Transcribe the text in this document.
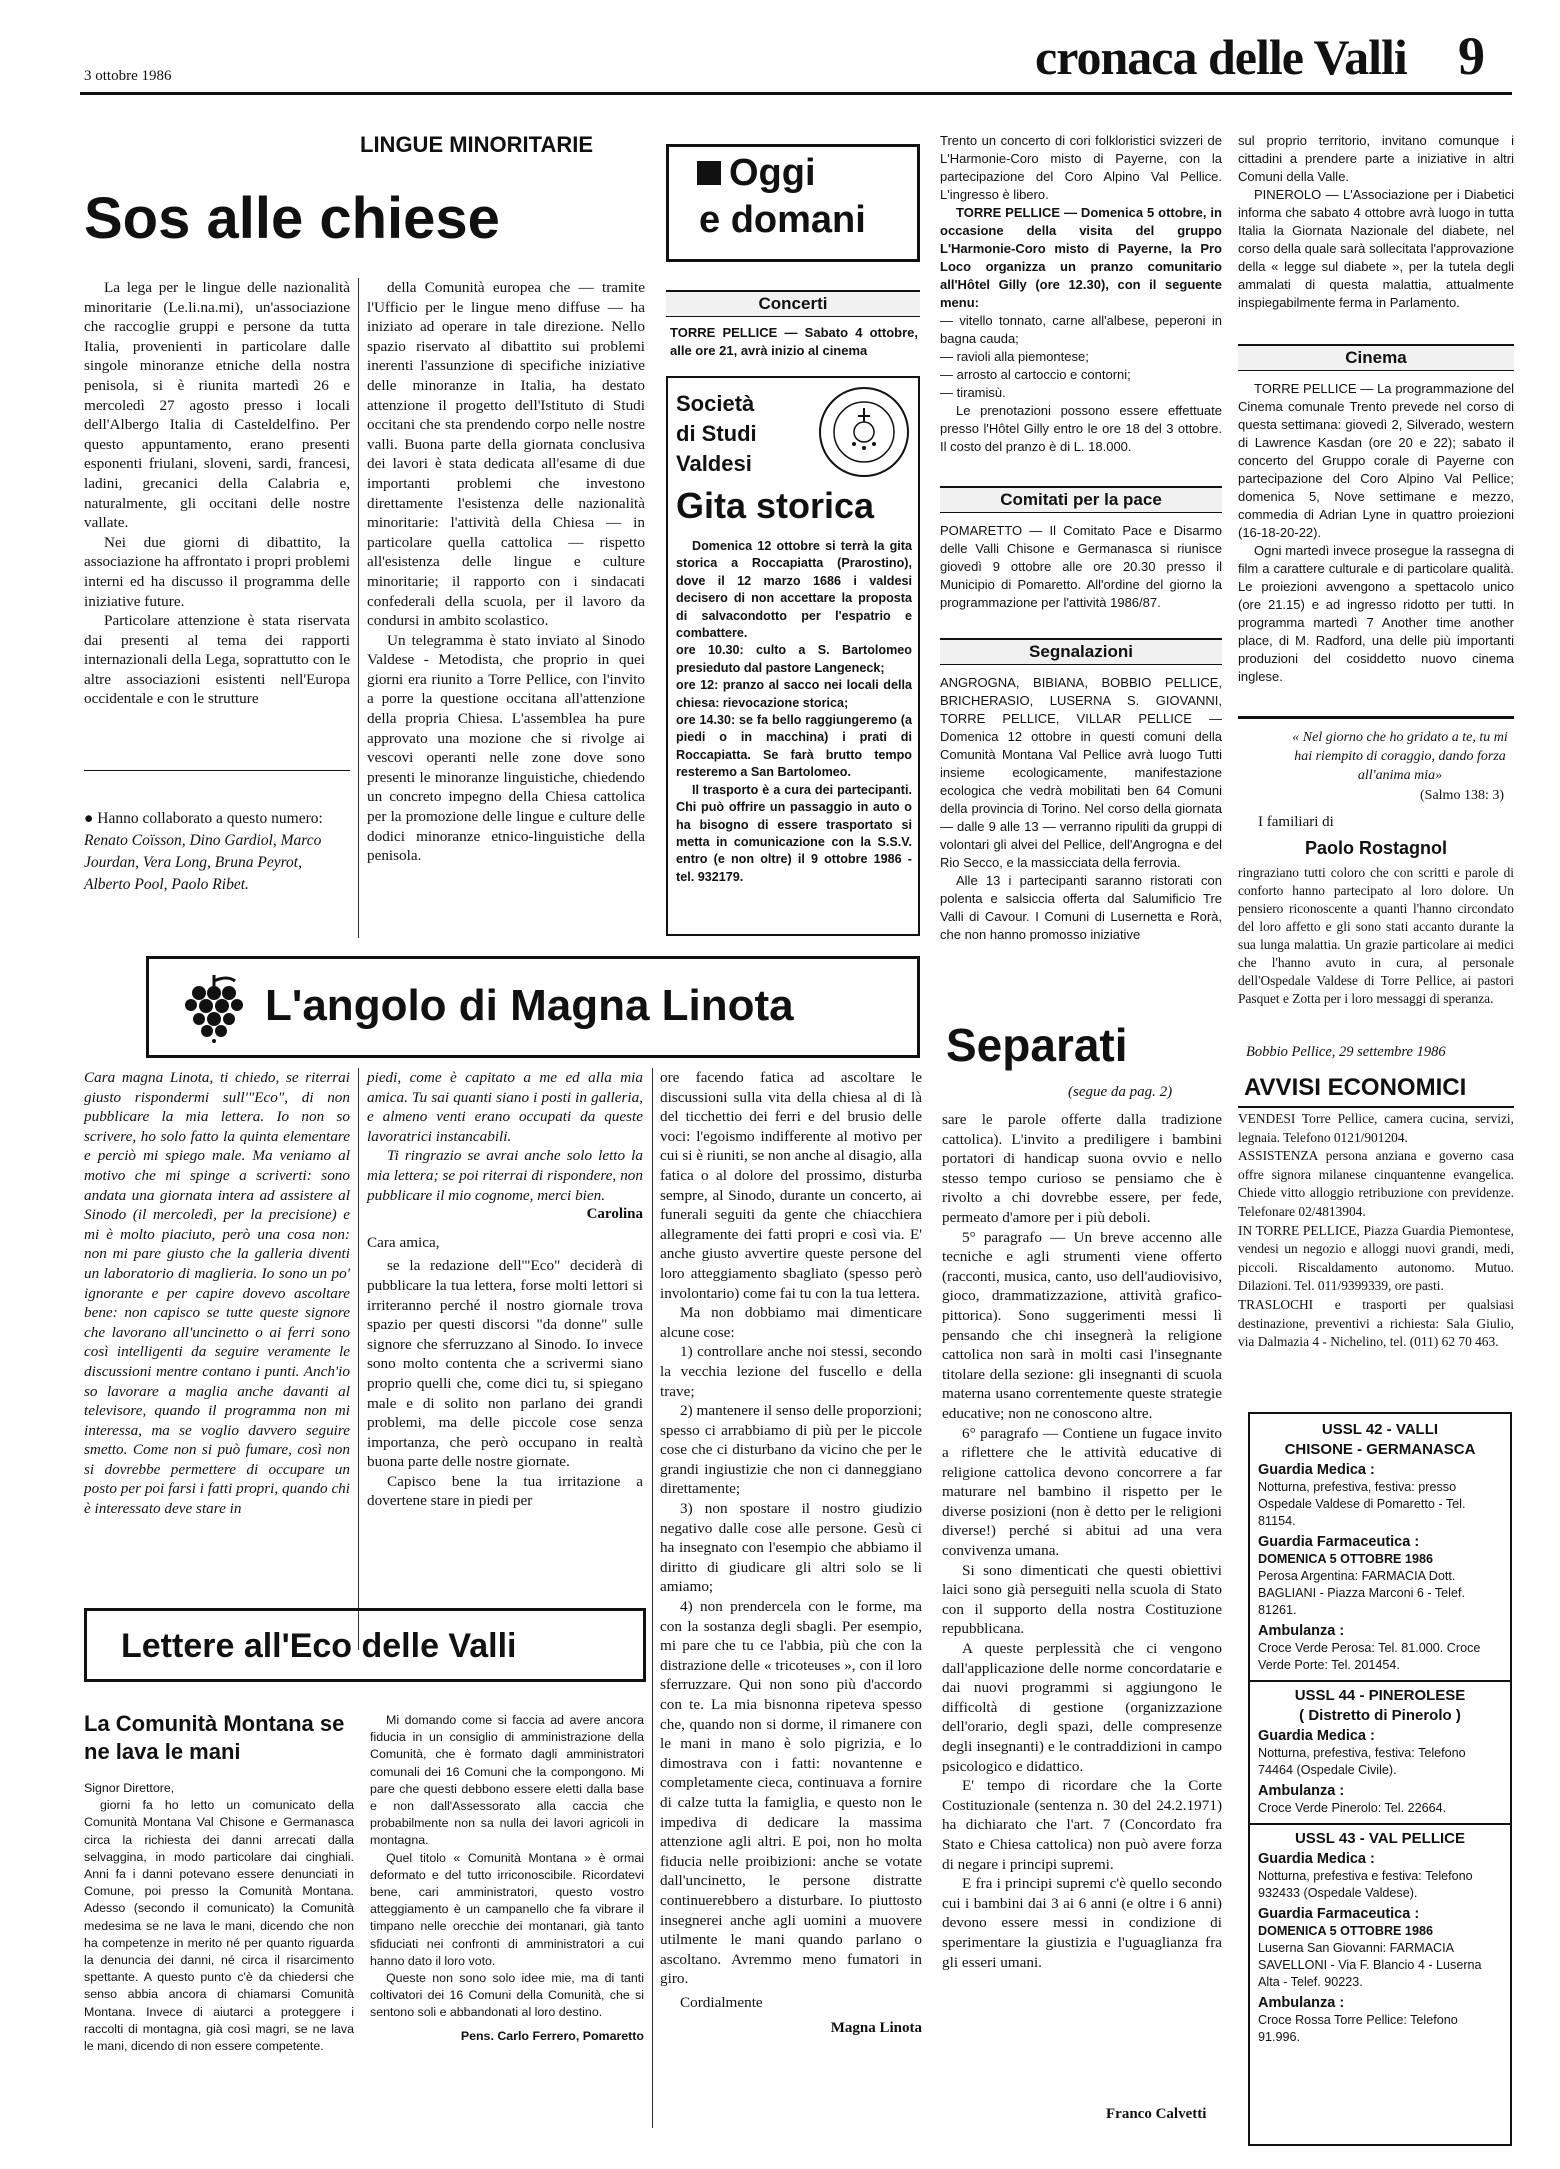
3 ottobre 1986	cronaca delle Valli 9
LINGUE MINORITARIE
Sos alle chiese

La lega per le lingue delle nazionalità minoritarie (Le.li.na.mi), un'associazione che raccoglie gruppi e persone da tutta Italia, provenienti in particolare dalle singole minoranze etniche della nostra penisola, si è riunita martedì 26 e mercoledì 27 agosto presso i locali dell'Albergo Italia di Casteldelfino. Per questo appuntamento, erano presenti esponenti friulani, sloveni, sardi, francesi, ladini, grecanici della Calabria e, naturalmente, gli occitani delle nostre vallate.

Nei due giorni di dibattito, la associazione ha affrontato i propri problemi interni ed ha discusso il programma delle iniziative future.

Particolare attenzione è stata riservata dai presenti al tema dei rapporti internazionali della Lega, soprattutto con le altre associazioni esistenti nell'Europa occidentale e con le strutture

della Comunità europea che — tramite l'Ufficio per le lingue meno diffuse — ha iniziato ad operare in tale direzione. Nello spazio riservato al dibattito sui problemi inerenti l'assunzione di specifiche iniziative delle minoranze in Italia, ha destato attenzione il progetto dell'Istituto di Studi occitani che sta prendendo corpo nelle nostre valli. Buona parte della giornata conclusiva dei lavori è stata dedicata all'esame di due importanti problemi che investono direttamente l'esistenza delle nazionalità minoritarie: l'attività della Chiesa — in particolare quella cattolica — rispetto all'esistenza delle lingue e culture minoritarie; il rapporto con i sindacati confederali della scuola, per il lavoro da condursi in ambito scolastico.

Un telegramma è stato inviato al Sinodo Valdese - Metodista, che proprio in quei giorni era riunito a Torre Pellice, con l'invito a porre la questione occitana all'attenzione della propria Chiesa. L'assemblea ha pure approvato una mozione che si rivolge ai vescovi operanti nelle zone dove sono presenti le minoranze linguistiche, chiedendo un concreto impegno della Chiesa cattolica per la promozione delle lingue e culture delle dodici minoranze etnico-linguistiche della penisola.

● Hanno collaborato a questo numero: Renato Coïsson, Dino Gardiol, Marco Jourdan, Vera Long, Bruna Peyrot, Alberto Pool, Paolo Ribet.
Oggi
e domani
Concerti
TORRE PELLICE — Sabato 4 ottobre, alle ore 21, avrà inizio al cinema
Società
di Studi
Valdesi
Gita storica

Domenica 12 ottobre si terrà la gita storica a Roccapiatta (Prarostino), dove il 12 marzo 1686 i valdesi decisero di non accettare la proposta di salvacondotto per l'espatrio e combattere.

ore 10.30: culto a S. Bartolomeo presieduto dal pastore Langeneck;

ore 12: pranzo al sacco nei locali della chiesa: rievocazione storica;

ore 14.30: se fa bello raggiungeremo (a piedi o in macchina) i prati di Roccapiatta. Se farà brutto tempo resteremo a San Bartolomeo.

Il trasporto è a cura dei partecipanti. Chi può offrire un passaggio in auto o ha bisogno di essere trasportato si metta in comunicazione con la S.S.V. entro (e non oltre) il 9 ottobre 1986 - tel. 932179.

Trento un concerto di cori folkloristici svizzeri de L'Harmonie-Coro misto di Payerne, con la partecipazione del Coro Alpino Val Pellice. L'ingresso è libero.

TORRE PELLICE — Domenica 5 ottobre, in occasione della visita del gruppo L'Harmonie-Coro misto di Payerne, la Pro Loco organizza un pranzo comunitario all'Hôtel Gilly (ore 12.30), con il seguente menu:

— vitello tonnato, carne all'albese, peperoni in bagna cauda;

— ravioli alla piemontese;

— arrosto al cartoccio e contorni;

— tiramisù.

Le prenotazioni possono essere effettuate presso l'Hôtel Gilly entro le ore 18 del 3 ottobre. Il costo del pranzo è di L. 18.000.

Comitati per la pace
POMARETTO — Il Comitato Pace e Disarmo delle Valli Chisone e Germanasca si riunisce giovedì 9 ottobre alle ore 20.30 presso il Municipio di Pomaretto. All'ordine del giorno la programmazione per l'attività 1986/87.
Segnalazioni

ANGROGNA, BIBIANA, BOBBIO PELLICE, BRICHERASIO, LUSERNA S. GIOVANNI, TORRE PELLICE, VILLAR PELLICE — Domenica 12 ottobre in questi comuni della Comunità Montana Val Pellice avrà luogo Tutti insieme ecologicamente, manifestazione ecologica che vedrà mobilitati ben 64 Comuni della provincia di Torino. Nel corso della giornata — dalle 9 alle 13 — verranno ripuliti da gruppi di volontari gli alvei del Pellice, dell'Angrogna e del Rio Secco, e la massicciata della ferrovia.

Alle 13 i partecipanti saranno ristorati con polenta e salsiccia offerta dal Salumificio Tre Valli di Cavour. I Comuni di Lusernetta e Rorà, che non hanno promosso iniziative

sul proprio territorio, invitano comunque i cittadini a prendere parte a iniziative in altri Comuni della Valle.

PINEROLO — L'Associazione per i Diabetici informa che sabato 4 ottobre avrà luogo in tutta Italia la Giornata Nazionale del diabete, nel corso della quale sarà sollecitata l'approvazione della « legge sul diabete », per la tutela degli ammalati di questa malattia, attualmente inspiegabilmente ferma in Parlamento.

Cinema

TORRE PELLICE — La programmazione del Cinema comunale Trento prevede nel corso di questa settimana: giovedì 2, Silverado, western di Lawrence Kasdan (ore 20 e 22); sabato il concerto del Gruppo corale di Payerne con partecipazione del Coro Alpino Val Pellice; domenica 5, Nove settimane e mezzo, commedia di Adrian Lyne in quattro proiezioni (16-18-20-22).

Ogni martedì invece prosegue la rassegna di film a carattere culturale e di particolare qualità. Le proiezioni avvengono a spettacolo unico (ore 21.15) e ad ingresso ridotto per tutti. In programma martedì 7 Another time another place, di M. Radford, una delle più importanti produzioni del cosiddetto nuovo cinema inglese.

« Nel giorno che ho gridato a te, tu mi hai riempito di coraggio, dando forza all'anima mia»
(Salmo 138: 3)
I familiari di
Paolo Rostagnol
ringraziano tutti coloro che con scritti e parole di conforto hanno partecipato al loro dolore. Un pensiero riconoscente a quanti l'hanno circondato del loro affetto e gli sono stati accanto durante la sua lunga malattia. Un grazie particolare ai medici che l'hanno avuto in cura, al personale dell'Ospedale Valdese di Torre Pellice, ai pastori Pasquet e Zotta per i loro messaggi di speranza.
Bobbio Pellice, 29 settembre 1986
L'angolo di Magna Linota
Cara magna Linota, ti chiedo, se riterrai giusto rispondermi sull'"Eco", di non pubblicare la mia lettera. Io non so scrivere, ho solo fatto la quinta elementare e perciò mi spiego male. Ma veniamo al motivo che mi spinge a scriverti: sono andata una giornata intera ad assistere al Sinodo (il mercoledì, per la precisione) e mi è molto piaciuto, però una cosa non: non mi pare giusto che la galleria diventi un laboratorio di maglieria. Io sono un po' ignorante e per capire dovevo ascoltare bene: non capisco se tutte queste signore che lavorano all'uncinetto o ai ferri sono così intelligenti da seguire veramente le discussioni mentre contano i punti. Anch'io so lavorare a maglia anche davanti al televisore, quando il programma non mi interessa, ma se voglio davvero seguire smetto. Come non si può fumare, così non si dovrebbe permettere di occupare un posto per poi farsi i fatti propri, quando chi è interessato deve stare in

piedi, come è capitato a me ed alla mia amica. Tu sai quanti siano i posti in galleria, e almeno venti erano occupati da queste lavoratrici instancabili.

Ti ringrazio se avrai anche solo letto la mia lettera; se poi riterrai di rispondere, non pubblicare il mio cognome, merci bien.

Carolina

Cara amica,

se la redazione dell'"Eco" deciderà di pubblicare la tua lettera, forse molti lettori si irriteranno perché il nostro giornale trova spazio per questi discorsi "da donne" sulle signore che sferruzzano al Sinodo. Io invece sono molto contenta che a scrivermi siano proprio quelli che, come dici tu, si spiegano male e di solito non parlano dei grandi problemi, ma delle piccole cose senza importanza, che però occupano in realtà buona parte delle nostre giornate.

Capisco bene la tua irritazione a dovertene stare in piedi per

ore facendo fatica ad ascoltare le discussioni sulla vita della chiesa al di là del ticchettio dei ferri e del brusio delle voci: l'egoismo indifferente al motivo per cui si è riuniti, se non anche al disagio, alla fatica o al dolore del prossimo, disturba sempre, al Sinodo, durante un concerto, ai funerali seguiti da gente che chiacchiera allegramente dei fatti propri e così via. E' anche giusto avvertire queste persone del loro atteggiamento sbagliato (spesso però involontario) come fai tu con la tua lettera.

Ma non dobbiamo mai dimenticare alcune cose:

1) controllare anche noi stessi, secondo la vecchia lezione del fuscello e della trave;

2) mantenere il senso delle proporzioni; spesso ci arrabbiamo di più per le piccole cose che ci disturbano da vicino che per le grandi ingiustizie che non ci danneggiano direttamente;

3) non spostare il nostro giudizio negativo dalle cose alle persone. Gesù ci ha insegnato con l'esempio che abbiamo il diritto di giudicare gli altri solo se li amiamo;

4) non prendercela con le forme, ma con la sostanza degli sbagli. Per esempio, mi pare che tu ce l'abbia, più che con la distrazione delle « tricoteuses », con il loro sferruzzare. Qui non sono più d'accordo con te. La mia bisnonna ripeteva spesso che, quando non si dorme, il rimanere con le mani in mano è solo pigrizia, e lo dimostrava con i fatti: novantenne e completamente cieca, continuava a fornire di calze tutta la famiglia, e questo non le impediva di dedicare la massima attenzione agli altri. E poi, non ho molta fiducia nelle proibizioni: anche se votate dall'uncinetto, le persone distratte continuerebbero a disturbare. Io piuttosto insegnerei anche agli uomini a muovere utilmente le mani quando parlano o ascoltano. Avremmo meno fumatori in giro.

Cordialmente

Magna Linota
Separati
(segue da pag. 2)

sare le parole offerte dalla tradizione cattolica). L'invito a prediligere i bambini portatori di handicap suona ovvio e nello stesso tempo curioso se pensiamo che è rivolto a chi dovrebbe essere, per fede, permeato d'amore per i più deboli.

5° paragrafo — Un breve accenno alle tecniche e agli strumenti viene offerto (racconti, musica, canto, uso dell'audiovisivo, gioco, drammatizzazione, attività grafico-pittorica). Sono suggerimenti messi lì pensando che chi insegnerà la religione cattolica non sarà in molti casi l'insegnante titolare della sezione: gli insegnanti di scuola materna usano correntemente queste strategie educative; non ne conoscono altre.

6° paragrafo — Contiene un fugace invito a riflettere che le attività educative di religione cattolica devono concorrere a far maturare nel bambino il rispetto per le diverse posizioni (non è detto per le religioni diverse!) perché si abitui ad una vera convivenza umana.

Si sono dimenticati che questi obiettivi laici sono già perseguiti nella scuola di Stato con il supporto della nostra Costituzione repubblicana.

A queste perplessità che ci vengono dall'applicazione delle norme concordatarie e dai nuovi programmi si aggiungono le difficoltà di gestione (organizzazione dell'orario, degli spazi, delle compresenze degli insegnanti) e le contraddizioni in campo psicologico e didattico.

E' tempo di ricordare che la Corte Costituzionale (sentenza n. 30 del 24.2.1971) ha dichiarato che l'art. 7 (Concordato fra Stato e Chiesa cattolica) non può avere forza di negare i principi supremi.

E fra i principi supremi c'è quello secondo cui i bambini dai 3 ai 6 anni (e oltre i 6 anni) devono essere messi in condizione di sperimentare la giustizia e l'uguaglianza fra gli esseri umani.

Franco Calvetti
AVVISI ECONOMICI

VENDESI Torre Pellice, camera cucina, servizi, legnaia. Telefono 0121/901204.

ASSISTENZA persona anziana e governo casa offre signora milanese cinquantenne evangelica. Chiede vitto alloggio retribuzione con previdenze. Telefonare 02/4813904.

IN TORRE PELLICE, Piazza Guardia Piemontese, vendesi un negozio e alloggi nuovi grandi, medi, piccoli. Riscaldamento autonomo. Mutuo. Dilazioni. Tel. 011/9399339, ore pasti.

TRASLOCHI e trasporti per qualsiasi destinazione, preventivi a richiesta: Sala Giulio, via Dalmazia 4 - Nichelino, tel. (011) 62 70 463.

USSL 42 - VALLI
CHISONE - GERMANASCA
Guardia Medica :
Notturna, prefestiva, festiva: presso Ospedale Valdese di Pomaretto - Tel. 81154.
Guardia Farmaceutica :
DOMENICA 5 OTTOBRE 1986
Perosa Argentina: FARMACIA Dott. BAGLIANI - Piazza Marconi 6 - Telef. 81261.
Ambulanza :
Croce Verde Perosa: Tel. 81.000. Croce Verde Porte: Tel. 201454.
USSL 44 - PINEROLESE
( Distretto di Pinerolo )
Guardia Medica :
Notturna, prefestiva, festiva: Telefono 74464 (Ospedale Civile).
Ambulanza :
Croce Verde Pinerolo: Tel. 22664.
USSL 43 - VAL PELLICE
Guardia Medica :
Notturna, prefestiva e festiva: Telefono 932433 (Ospedale Valdese).
Guardia Farmaceutica :
DOMENICA 5 OTTOBRE 1986
Luserna San Giovanni: FARMACIA SAVELLONI - Via F. Blancio 4 - Luserna Alta - Telef. 90223.
Ambulanza :
Croce Rossa Torre Pellice: Telefono 91.996.
Lettere all'Eco delle Valli
La Comunità Montana se ne lava le mani

Signor Direttore,

giorni fa ho letto un comunicato della Comunità Montana Val Chisone e Germanasca circa la richiesta dei danni arrecati dalla selvaggina, in modo particolare dai cinghiali. Anni fa i danni potevano essere denunciati in Comune, poi presso la Comunità Montana. Adesso (secondo il comunicato) la Comunità medesima se ne lava le mani, dicendo che non ha competenze in merito né per quanto riguarda la denuncia dei danni, né circa il risarcimento spettante. A questo punto c'è da chiedersi che senso abbia ancora di chiamarsi Comunità Montana. Invece di aiutarci a proteggere i raccolti di montagna, già così magri, se ne lava le mani, dicendo di non essere competente.

Mi domando come si faccia ad avere ancora fiducia in un consiglio di amministrazione della Comunità, che è formato dagli amministratori comunali dei 16 Comuni che la compongono. Mi pare che questi debbono essere eletti dalla base e non dall'Assessorato alla caccia che probabilmente non sa nulla dei lavori agricoli in montagna.

Quel titolo « Comunità Montana » è ormai deformato e del tutto irriconoscibile. Ricordatevi bene, cari amministratori, questo vostro atteggiamento è un campanello che fa vibrare il timpano nelle orecchie dei montanari, già tanto sfiduciati nei confronti di amministratori a cui hanno dato il loro voto.

Queste non sono solo idee mie, ma di tanti coltivatori dei 16 Comuni della Comunità, che si sentono soli e abbandonati al loro destino.

Pens. Carlo Ferrero, Pomaretto
